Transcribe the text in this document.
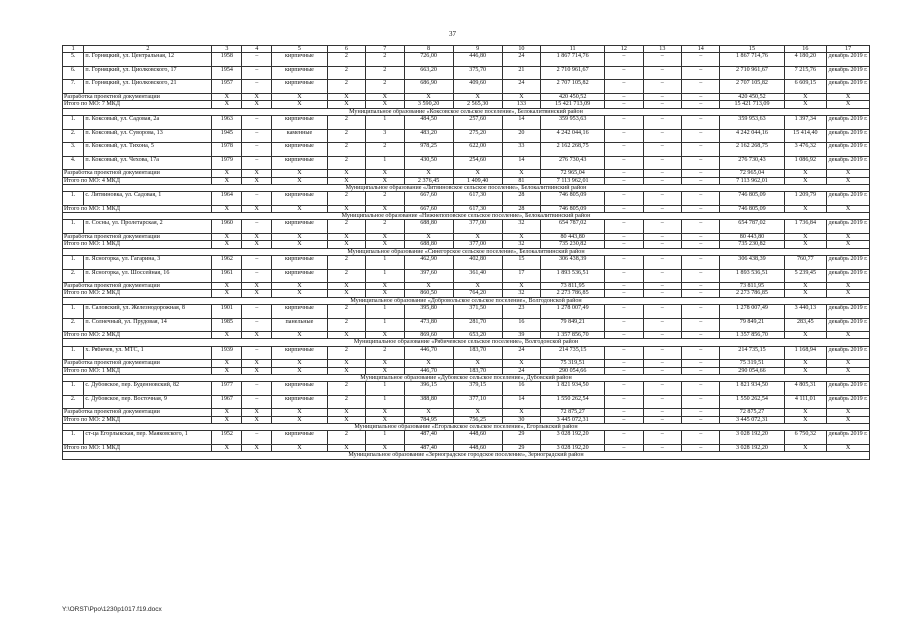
37
1	2	3	4	5	6	7	8	9	10	11	12	13	14	15	16	17
5.	п. Горняцкий, ул. Центральная, 12	1958	–	кирпичные	2	2	726,00	446,80	24	1 867 714,76	–	–	–	1 867 714,76	4 180,20	декабрь 2019 г.
6.	п. Горняцкий, ул. Циолковского, 17	1954	–	кирпичные	2	2	663,20	375,70	21	2 710 961,67	–	–	–	2 710 961,67	7 215,76	декабрь 2019 г.
7.	п. Горняцкий, ул. Циолковского, 21	1957	–	кирпичные	2	2	686,90	409,60	24	2 707 105,82	–	–	–	2 707 105,82	6 609,15	декабрь 2019 г.
Разработка проектной документации		X	X	X	X	X	X	X	X	420 450,52	–	–	–	420 450,52	X	X
Итого по МО: 7 МКД		X	X	X	X	X	3 590,20	2 565,30	133	15 421 713,09	–	–	–	15 421 713,09	X	X
Муниципальное образование «Коксовское сельское поселение», Белокалитвинский район																
1.	п. Коксовый, ул. Садовая, 2а	1963	–	кирпичные	2	1	484,50	257,60	14	359 953,63	–	–	–	359 953,63	1 397,34	декабрь 2019 г.
2.	п. Коксовый, ул. Суворова, 13	1945	–	каменные	2	3	483,20	275,20	20	4 242 044,16	–	–	–	4 242 044,16	15 414,40	декабрь 2019 г.
3.	п. Коксовый, ул. Тихона, 5	1978	–	кирпичные	2	2	978,25	622,00	33	2 162 268,75	–	–	–	2 162 268,75	3 476,32	декабрь 2019 г.
4.	п. Коксовый, ул. Чехова, 17а	1979	–	кирпичные	2	1	430,50	254,60	14	276 730,43	–	–	–	276 730,43	1 086,92	декабрь 2019 г.
Разработка проектной документации		X	X	X	X	X	X	X	X	72 965,04	–	–	–	72 965,04	X	X
Итого по МО: 4 МКД		X	X	X	X	X	2 376,45	1 409,40	81	7 113 962,01	–	–	–	7 113 962,01	X	X
Муниципальное образование «Литвиновское сельское поселение», Белокалитвинский район																
1.	с. Литвиновка, ул. Садовая, 1	1964	–	кирпичные	2	2	667,60	617,30	28	746 805,09	–	–	–	746 805,09	1 209,79	декабрь 2019 г.
Итого по МО: 1 МКД		X	X	X	X	X	667,60	617,30	28	746 805,09	–	–	–	746 805,09	X	X
Муниципальное образование «Нижнепоповское сельское поселение», Белокалитвинский район																
1.	п. Сосны, ул. Пролетарская, 2	1960	–	кирпичные	2	2	688,80	377,00	32	654 787,02	–	–	–	654 787,02	1 736,84	декабрь 2019 г.
Разработка проектной документации		X	X	X	X	X	X	X	X	80 443,80	–	–	–	80 443,80	X	X
Итого по МО: 1 МКД		X	X	X	X	X	688,80	377,00	32	735 230,82	–	–	–	735 230,82	X	X
Муниципальное образование «Синегорское сельское поселение», Белокалитвинский район																
1.	п. Ясногорка, ул. Гагарина, 3	1962	–	кирпичные	2	1	462,90	402,80	15	306 438,39	–	–	–	306 438,39	760,77	декабрь 2019 г.
2.	п. Ясногорка, ул. Шоссейная, 16	1961	–	кирпичные	2	1	397,60	361,40	17	1 893 536,51	–	–	–	1 893 536,51	5 239,45	декабрь 2019 г.
Разработка проектной документации		X	X	X	X	X	X	X	X	73 811,95	–	–	–	73 811,95	X	X
Итого по МО: 2 МКД		X	X	X	X	X	860,50	764,20	32	2 273 786,85	–	–	–	2 273 786,85	X	X
Муниципальное образование «Добровольское сельское поселение», Волгодонской район																
1.	п. Саловский, ул. Железнодорожная, 8	1901	–	кирпичные	2	1	395,80	371,50	23	1 278 007,49	–	–	–	1 278 007,49	3 440,13	декабрь 2019 г.
2.	п. Солнечный, ул. Прудовая, 14	1985	–	панельные	2	1	473,80	281,70	16	79 849,21	–	–	–	79 849,21	283,45	декабрь 2019 г.
Итого по МО: 2 МКД		X	X	X	X	X	869,60	653,20	39	1 357 856,70	–	–	–	1 357 856,70	X	X
Муниципальное образование «Рябичевское сельское поселение», Волгодонской район																
1.	х. Рябичев, ул. МТС, 1	1939	–	кирпичные	2	2	446,70	183,70	24	214 735,15	–	–	–	214 735,15	1 168,94	декабрь 2019 г.
Разработка проектной документации		X	X	X	X	X	X	X	X	75 319,51	–	–	–	75 319,51	X	X
Итого по МО: 1 МКД		X	X	X	X	X	446,70	183,70	24	290 054,66	–	–	–	290 054,66	X	X
Муниципальное образование «Дубовское сельское поселение», Дубовский район																
1.	с. Дубовское, пер. Буденновский, 82	1977	–	кирпичные	2	1	396,15	379,15	16	1 821 934,50	–	–	–	1 821 934,50	4 805,31	декабрь 2019 г.
2.	с. Дубовское, пер. Восточная, 9	1967	–	кирпичные	2	1	388,80	377,10	14	1 550 262,54	–	–	–	1 550 262,54	4 111,01	декабрь 2019 г.
Разработка проектной документации		X	X	X	X	X	X	X	X	72 875,27	–	–	–	72 875,27	X	X
Итого по МО: 2 МКД		X	X	X	X	X	784,95	756,25	30	3 445 072,31	–	–	–	3 445 072,31	X	X
Муниципальное образование «Егорлыкское сельское поселение», Егорлыкский район																
1.	ст-ца Егорлыкская, пер. Маяковского, 1	1952	–	кирпичные	2	1	487,40	448,60	29	3 028 192,20	–	–	–	3 028 192,20	6 750,32	декабрь 2019 г.
Итого по МО: 1 МКД		X	X	X	X	X	487,40	448,60	29	3 028 192,20	–	–	–	3 028 192,20	X	X
Муниципальное образование «Зерноградское городское поселение», Зерноградский район																
Y:\ORST\Ppo\1230p1017.f19.docx
